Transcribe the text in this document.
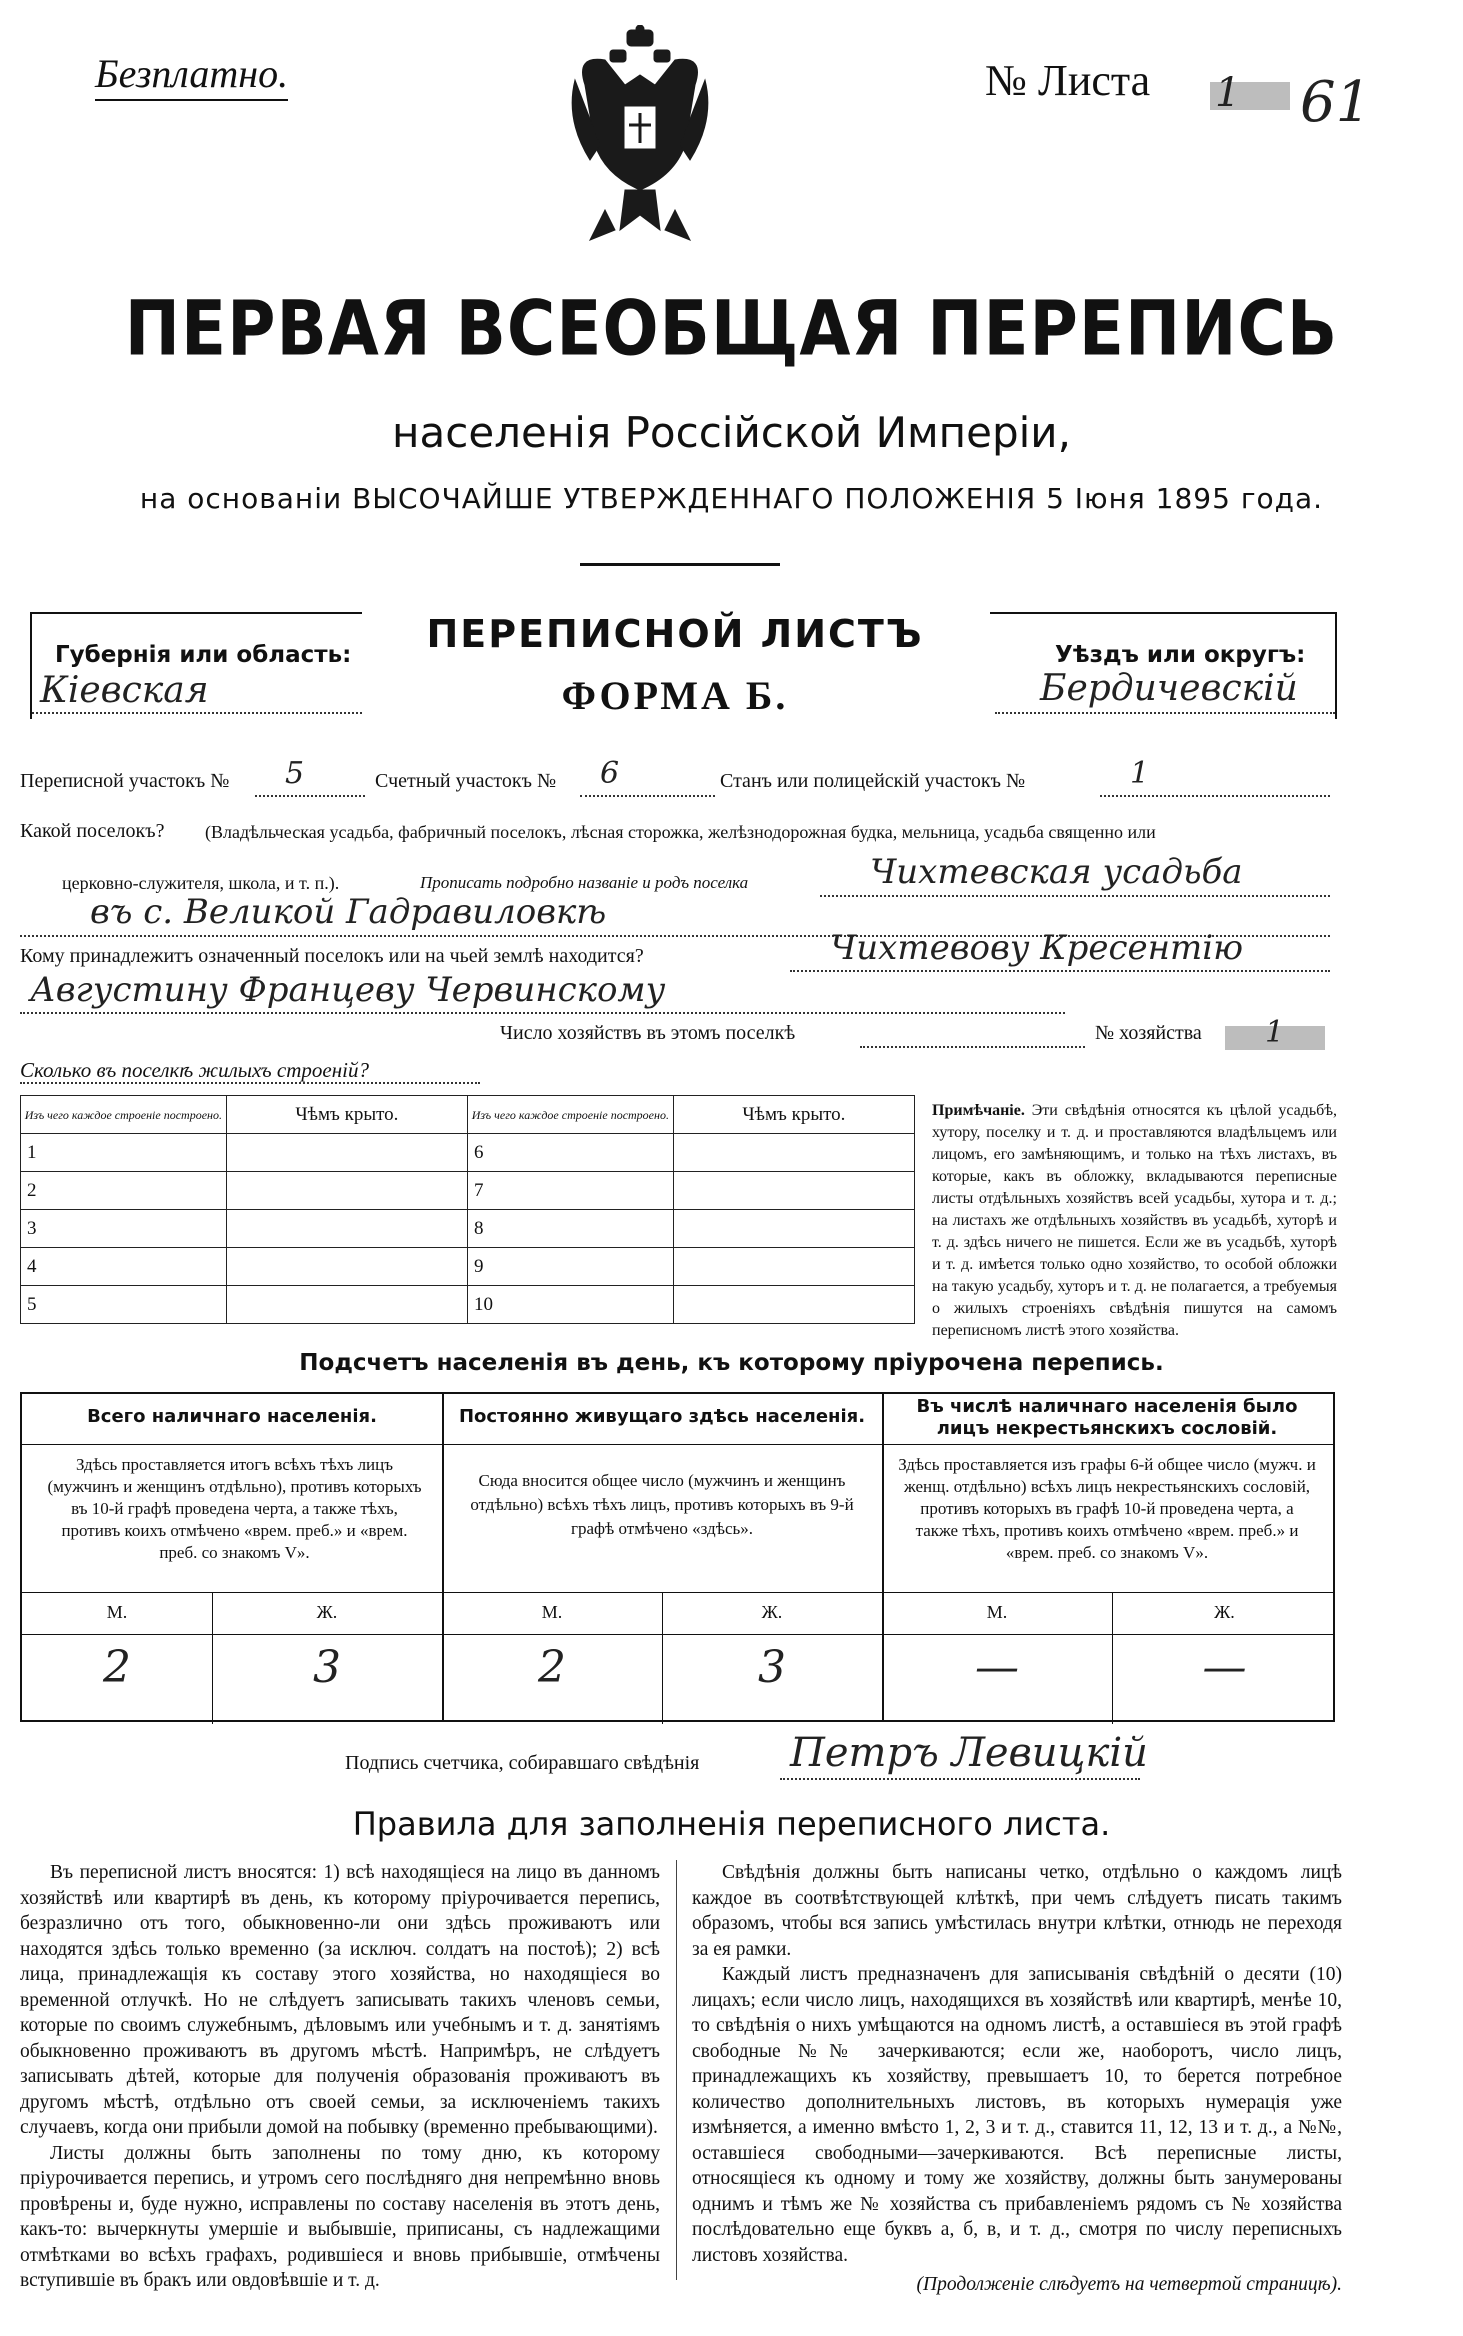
Безплатно.	№ Листа 1 61
ПЕРВАЯ ВСЕОБЩАЯ ПЕРЕПИСЬ
населенія Россійской Имперіи,
на основаніи ВЫСОЧАЙШЕ УТВЕРЖДЕННАГО ПОЛОЖЕНІЯ 5 Іюня 1895 года.
Губернія или область:
Кіевская
ПЕРЕПИСНОЙ ЛИСТЪ
ФОРМА Б.
Уѣздъ или округъ:
Бердичевскій
Переписной участокъ № 5	Счетный участокъ № 6	Станъ или полицейскій участокъ №	1
Какой поселокъ? (Владѣльческая усадьба, фабричный поселокъ, лѣсная сторожка, желѣзнодорожная будка, мельница, усадьба священно или
церковно-служителя, школа, и т. п.).	Прописать подробно названіе и родъ поселка	Чихтевская усадьба
въ с. Великой Гадравиловкѣ
Кому принадлежитъ означенный поселокъ или на чьей землѣ находится?	Чихтевову Кресентію
Августину Францеву Червинскому
Число хозяйствъ въ этомъ поселкѣ	№ хозяйства 1
Сколько въ поселкѣ жилыхъ строеній?
Изъ чего каждое строеніе построено.	Чѣмъ крыто.	Изъ чего каждое строеніе построено.	Чѣмъ крыто.
1		6	
2		7	
3		8	
4		9	
5		10	
Примѣчаніе. Эти свѣдѣнія относятся къ цѣлой усадьбѣ, хутору, поселку и т. д. и проставляются владѣльцемъ или лицомъ, его замѣняющимъ, и только на тѣхъ листахъ, въ которые, какъ въ обложку, вкладываются переписные листы отдѣльныхъ хозяйствъ всей усадьбы, хутора и т. д.; на листахъ же отдѣльныхъ хозяйствъ въ усадьбѣ, хуторѣ и т. д. здѣсь ничего не пишется. Если же въ усадьбѣ, хуторѣ и т. д. имѣется только одно хозяйство, то особой обложки на такую усадьбу, хуторъ и т. д. не полагается, а требуемыя о жилыхъ строеніяхъ свѣдѣнія пишутся на самомъ переписномъ листѣ этого хозяйства.
Подсчетъ населенія въ день, къ которому пріурочена перепись.
Всего наличнаго населенія.	Постоянно живущаго здѣсь населенія.	Въ числѣ наличнаго населенія было лицъ некрестьянскихъ сословій.
Здѣсь проставляется итогъ всѣхъ тѣхъ лицъ (мужчинъ и женщинъ отдѣльно), противъ которыхъ въ 10-й графѣ проведена черта, а также тѣхъ, противъ коихъ отмѣчено «врем. преб.» и «врем. преб. со знакомъ V».
Сюда вносится общее число (мужчинъ и женщинъ отдѣльно) всѣхъ тѣхъ лицъ, противъ которыхъ въ 9-й графѣ отмѣчено «здѣсь».
Здѣсь проставляется изъ графы 6-й общее число (мужч. и женщ. отдѣльно) всѣхъ лицъ некрестьянскихъ сословій, противъ которыхъ въ графѣ 10-й проведена черта, а также тѣхъ, противъ коихъ отмѣчено «врем. преб.» и «врем. преб. со знакомъ V».
М.	Ж.	М.	Ж.	М.	Ж.
2	3	2	3	—	—
Подпись счетчика, собиравшаго свѣдѣнія Петръ Левицкій
Правила для заполненія переписного листа.
Въ переписной листъ вносятся: 1) всѣ находящіеся на лицо въ данномъ хозяйствѣ или квартирѣ въ день, къ которому пріурочивается перепись, безразлично отъ того, обыкновенно-ли они здѣсь проживаютъ или находятся здѣсь только временно (за исключ. солдатъ на постоѣ); 2) всѣ лица, принадлежащія къ составу этого хозяйства, но находящіеся во временной отлучкѣ. Но не слѣдуетъ записывать такихъ членовъ семьи, которые по своимъ служебнымъ, дѣловымъ или учебнымъ и т. д. занятіямъ обыкновенно проживаютъ въ другомъ мѣстѣ. Напримѣръ, не слѣдуетъ записывать дѣтей, которые для полученія образованія проживаютъ въ другомъ мѣстѣ, отдѣльно отъ своей семьи, за исключеніемъ такихъ случаевъ, когда они прибыли домой на побывку (временно пребывающими).
Листы должны быть заполнены по тому дню, къ которому пріурочивается перепись, и утромъ сего послѣдняго дня непремѣнно вновь провѣрены и, буде нужно, исправлены по составу населенія въ этотъ день, какъ-то: вычеркнуты умершіе и выбывшіе, приписаны, съ надлежащими отмѣтками во всѣхъ графахъ, родившіеся и вновь прибывшіе, отмѣчены вступившіе въ бракъ или овдовѣвшіе и т. д.
Свѣдѣнія должны быть написаны четко, отдѣльно о каждомъ лицѣ каждое въ соотвѣтствующей клѣткѣ, при чемъ слѣдуетъ писать такимъ образомъ, чтобы вся запись умѣстилась внутри клѣтки, отнюдь не переходя за ея рамки.
Каждый листъ предназначенъ для записыванія свѣдѣній о десяти (10) лицахъ; если число лицъ, находящихся въ хозяйствѣ или квартирѣ, менѣе 10, то свѣдѣнія о нихъ умѣщаются на одномъ листѣ, а оставшіеся въ этой графѣ свободные №№ зачеркиваются; если же, наоборотъ, число лицъ, принадлежащихъ къ хозяйству, превышаетъ 10, то берется потребное количество дополнительныхъ листовъ, въ которыхъ нумерація уже измѣняется, а именно вмѣсто 1, 2, 3 и т. д., ставится 11, 12, 13 и т. д., а №№, оставшіеся свободными—зачеркиваются. Всѣ переписные листы, относящіеся къ одному и тому же хозяйству, должны быть занумерованы однимъ и тѣмъ же № хозяйства съ прибавленіемъ рядомъ съ № хозяйства послѣдовательно еще буквъ а, б, в, и т. д., смотря по числу переписныхъ листовъ хозяйства.
(Продолженіе слѣдуетъ на четвертой страницѣ).
